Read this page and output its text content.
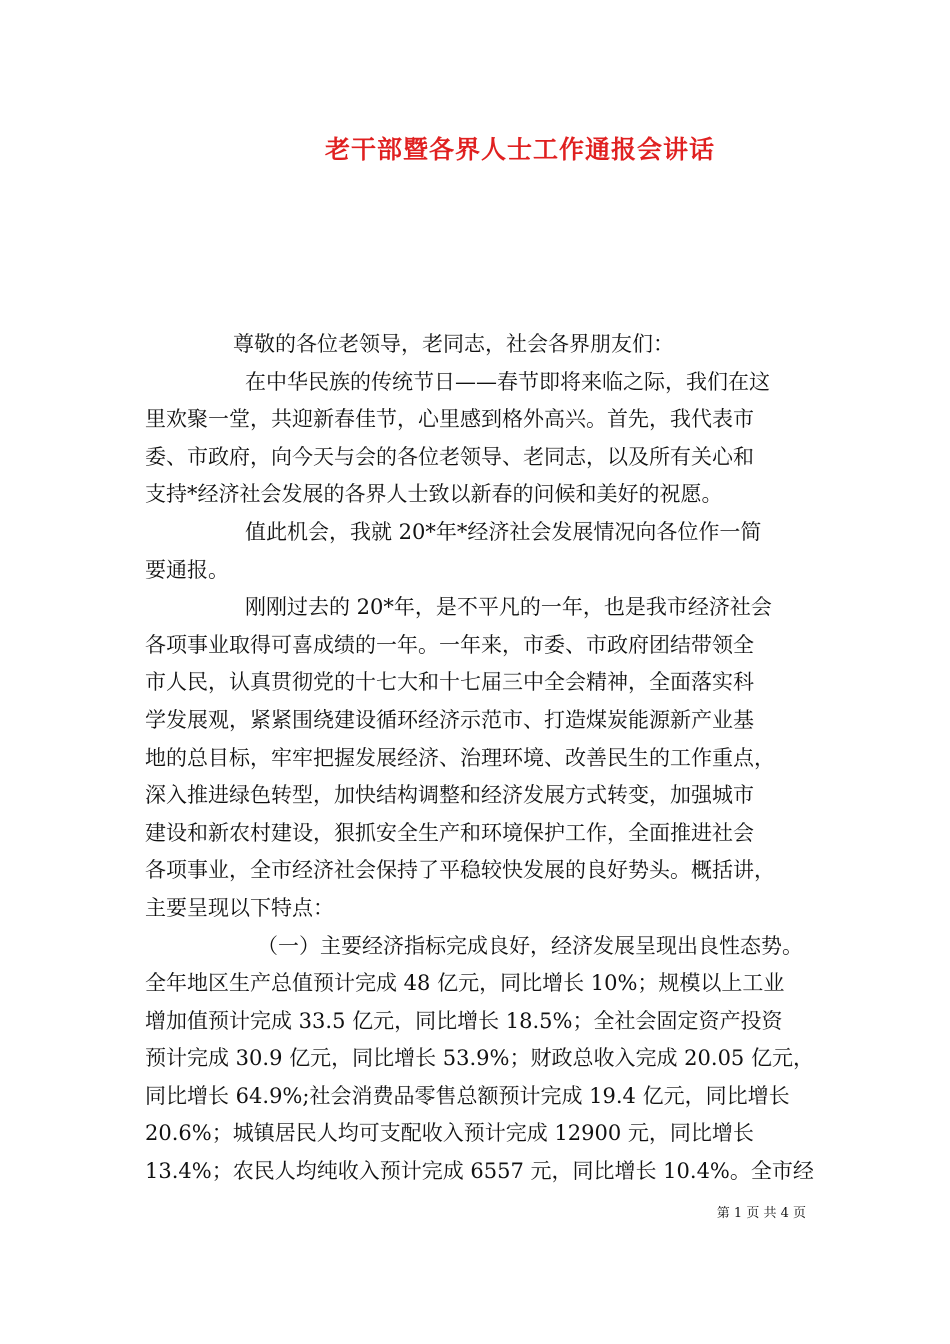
老干部暨各界人士工作通报会讲话

尊敬的各位老领导，老同志，社会各界朋友们：

在中华民族的传统节日——春节即将来临之际，我们在这

里欢聚一堂，共迎新春佳节，心里感到格外高兴。首先，我代表市

委、市政府，向今天与会的各位老领导、老同志，以及所有关心和

支持*经济社会发展的各界人士致以新春的问候和美好的祝愿。

值此机会，我就 20*年*经济社会发展情况向各位作一简

要通报。

刚刚过去的 20*年，是不平凡的一年，也是我市经济社会

各项事业取得可喜成绩的一年。一年来，市委、市政府团结带领全

市人民，认真贯彻党的十七大和十七届三中全会精神，全面落实科

学发展观，紧紧围绕建设循环经济示范市、打造煤炭能源新产业基

地的总目标，牢牢把握发展经济、治理环境、改善民生的工作重点，

深入推进绿色转型，加快结构调整和经济发展方式转变，加强城市

建设和新农村建设，狠抓安全生产和环境保护工作，全面推进社会

各项事业，全市经济社会保持了平稳较快发展的良好势头。概括讲，

主要呈现以下特点：

（一）主要经济指标完成良好，经济发展呈现出良性态势。

全年地区生产总值预计完成 48 亿元，同比增长 10%；规模以上工业

增加值预计完成 33.5 亿元，同比增长 18.5%；全社会固定资产投资

预计完成 30.9 亿元，同比增长 53.9%；财政总收入完成 20.05 亿元，

同比增长 64.9%;社会消费品零售总额预计完成 19.4 亿元，同比增长

20.6%；城镇居民人均可支配收入预计完成 12900 元，同比增长

13.4%；农民人均纯收入预计完成 6557 元，同比增长 10.4%。全市经

第 1 页 共 4 页
